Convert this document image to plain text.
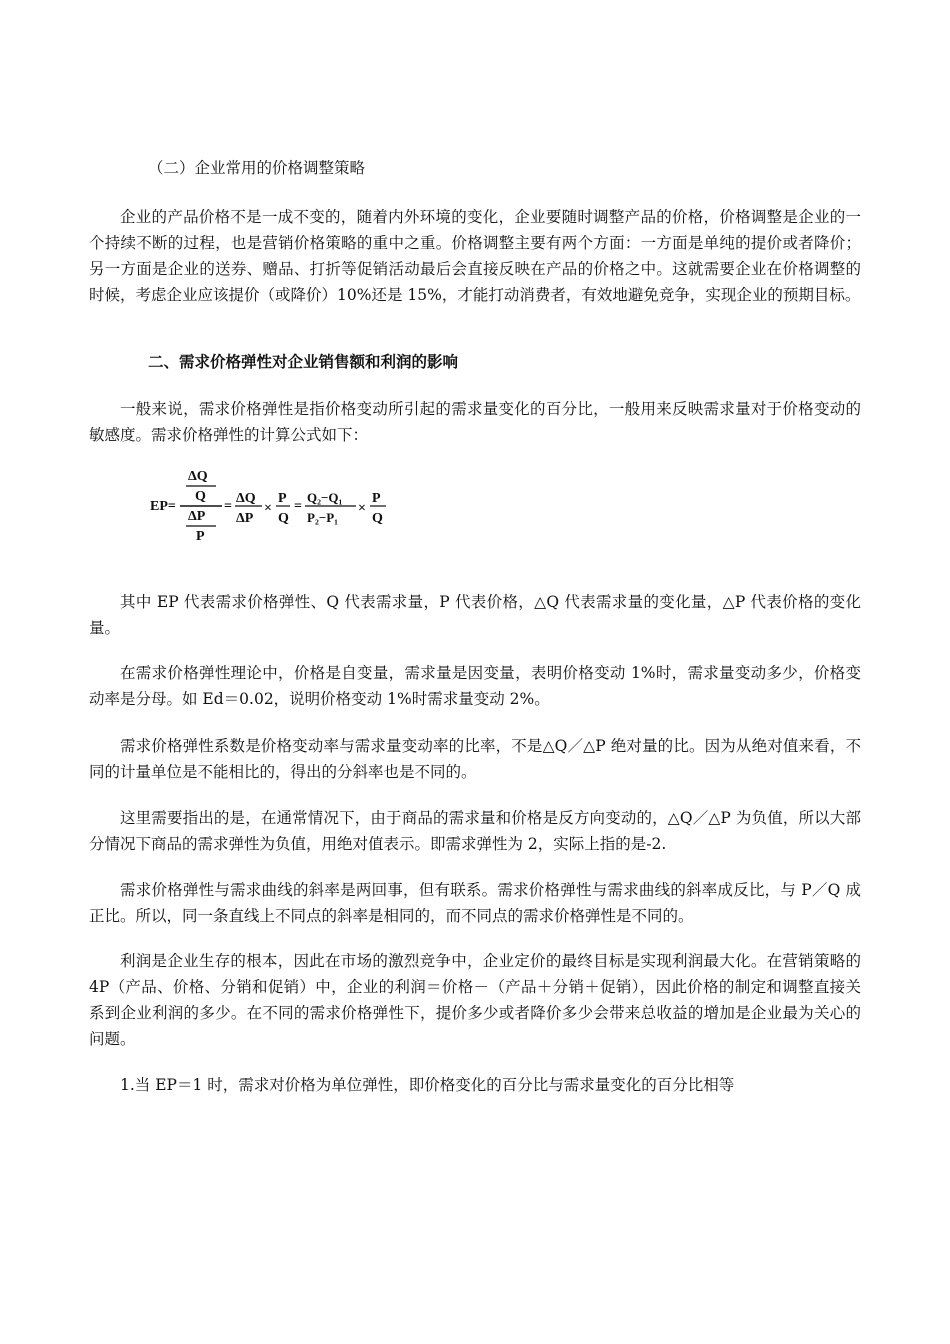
（二）企业常用的价格调整策略

企业的产品价格不是一成不变的，随着内外环境的变化，企业要随时调整产品的价格，价格调整是企业的一个持续不断的过程，也是营销价格策略的重中之重。价格调整主要有两个方面：一方面是单纯的提价或者降价；另一方面是企业的送券、赠品、打折等促销活动最后会直接反映在产品的价格之中。这就需要企业在价格调整的时候，考虑企业应该提价（或降价）10%还是 15%，才能打动消费者，有效地避免竞争，实现企业的预期目标。

二、需求价格弹性对企业销售额和利润的影响

一般来说，需求价格弹性是指价格变动所引起的需求量变化的百分比，一般用来反映需求量对于价格变动的敏感度。需求价格弹性的计算公式如下：

EP=
ΔQ
Q
ΔP
P
=
ΔQ
ΔP
×
P
Q
=
Q₂−Q₁
P₂−P₁
×
P
Q

其中 EP 代表需求价格弹性、Q 代表需求量，P 代表价格，△Q 代表需求量的变化量，△P 代表价格的变化量。

在需求价格弹性理论中，价格是自变量，需求量是因变量，表明价格变动 1%时，需求量变动多少，价格变动率是分母。如 Ed＝0.02，说明价格变动 1%时需求量变动 2%。

需求价格弹性系数是价格变动率与需求量变动率的比率，不是△Q／△P 绝对量的比。因为从绝对值来看，不同的计量单位是不能相比的，得出的分斜率也是不同的。

这里需要指出的是，在通常情况下，由于商品的需求量和价格是反方向变动的，△Q／△P 为负值，所以大部分情况下商品的需求弹性为负值，用绝对值表示。即需求弹性为 2，实际上指的是-2.

需求价格弹性与需求曲线的斜率是两回事，但有联系。需求价格弹性与需求曲线的斜率成反比，与 P／Q 成正比。所以，同一条直线上不同点的斜率是相同的，而不同点的需求价格弹性是不同的。

利润是企业生存的根本，因此在市场的激烈竞争中，企业定价的最终目标是实现利润最大化。在营销策略的 4P（产品、价格、分销和促销）中，企业的利润＝价格－（产品＋分销＋促销），因此价格的制定和调整直接关系到企业利润的多少。在不同的需求价格弹性下，提价多少或者降价多少会带来总收益的增加是企业最为关心的问题。

1.当 EP＝1 时，需求对价格为单位弹性，即价格变化的百分比与需求量变化的百分比相等
